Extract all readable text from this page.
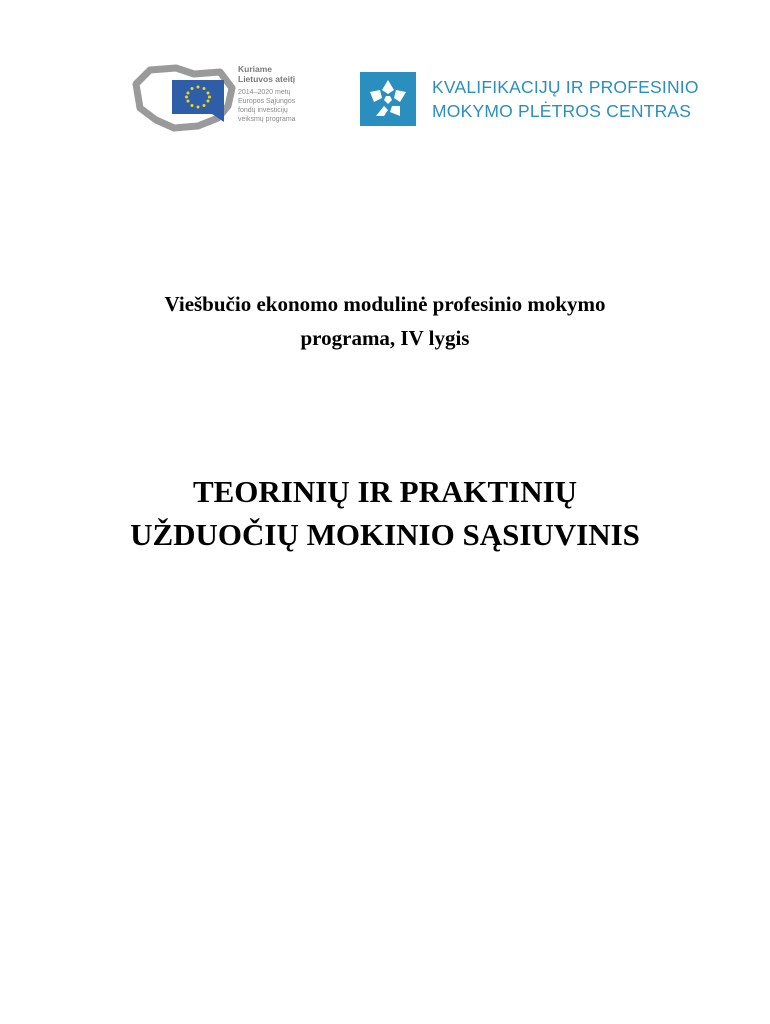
Kuriame
Lietuvos ateitį
2014–2020 metų
Europos Sąjungos
fondų investicijų
veiksmų programa
KVALIFIKACIJŲ IR PROFESINIO
MOKYMO PLĖTROS CENTRAS
Viešbučio ekonomo modulinė profesinio mokymo
programa, IV lygis
TEORINIŲ IR PRAKTINIŲ
UŽDUOČIŲ MOKINIO SĄSIUVINIS
